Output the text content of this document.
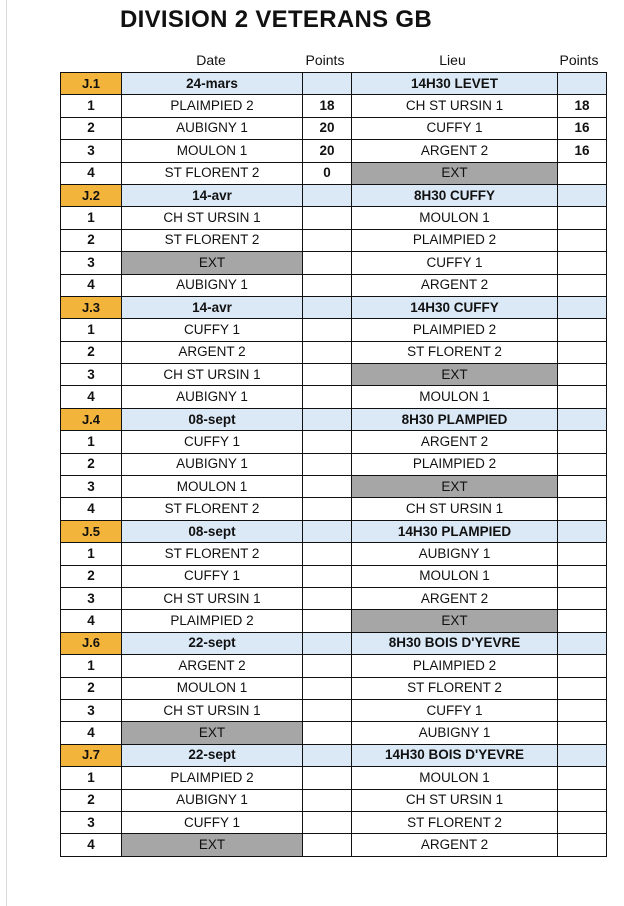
DIVISION 2 VETERANS GB
Date	Points	Lieu	Points
J.1	24-mars		14H30 LEVET	
1	PLAIMPIED 2	18	CH ST URSIN 1	18
2	AUBIGNY 1	20	CUFFY 1	16
3	MOULON 1	20	ARGENT 2	16
4	ST FLORENT 2	0	EXT	
J.2	14-avr		8H30 CUFFY	
1	CH ST URSIN 1		MOULON 1	
2	ST FLORENT 2		PLAIMPIED 2	
3	EXT		CUFFY 1	
4	AUBIGNY 1		ARGENT 2	
J.3	14-avr		14H30 CUFFY	
1	CUFFY 1		PLAIMPIED 2	
2	ARGENT 2		ST FLORENT 2	
3	CH ST URSIN 1		EXT	
4	AUBIGNY 1		MOULON 1	
J.4	08-sept		8H30 PLAMPIED	
1	CUFFY 1		ARGENT 2	
2	AUBIGNY 1		PLAIMPIED 2	
3	MOULON 1		EXT	
4	ST FLORENT 2		CH ST URSIN 1	
J.5	08-sept		14H30 PLAMPIED	
1	ST FLORENT 2		AUBIGNY 1	
2	CUFFY 1		MOULON 1	
3	CH ST URSIN 1		ARGENT 2	
4	PLAIMPIED 2		EXT	
J.6	22-sept		8H30 BOIS D'YEVRE	
1	ARGENT 2		PLAIMPIED 2	
2	MOULON 1		ST FLORENT 2	
3	CH ST URSIN 1		CUFFY 1	
4	EXT		AUBIGNY 1	
J.7	22-sept		14H30 BOIS D'YEVRE	
1	PLAIMPIED 2		MOULON 1	
2	AUBIGNY 1		CH ST URSIN 1	
3	CUFFY 1		ST FLORENT 2	
4	EXT		ARGENT 2	
